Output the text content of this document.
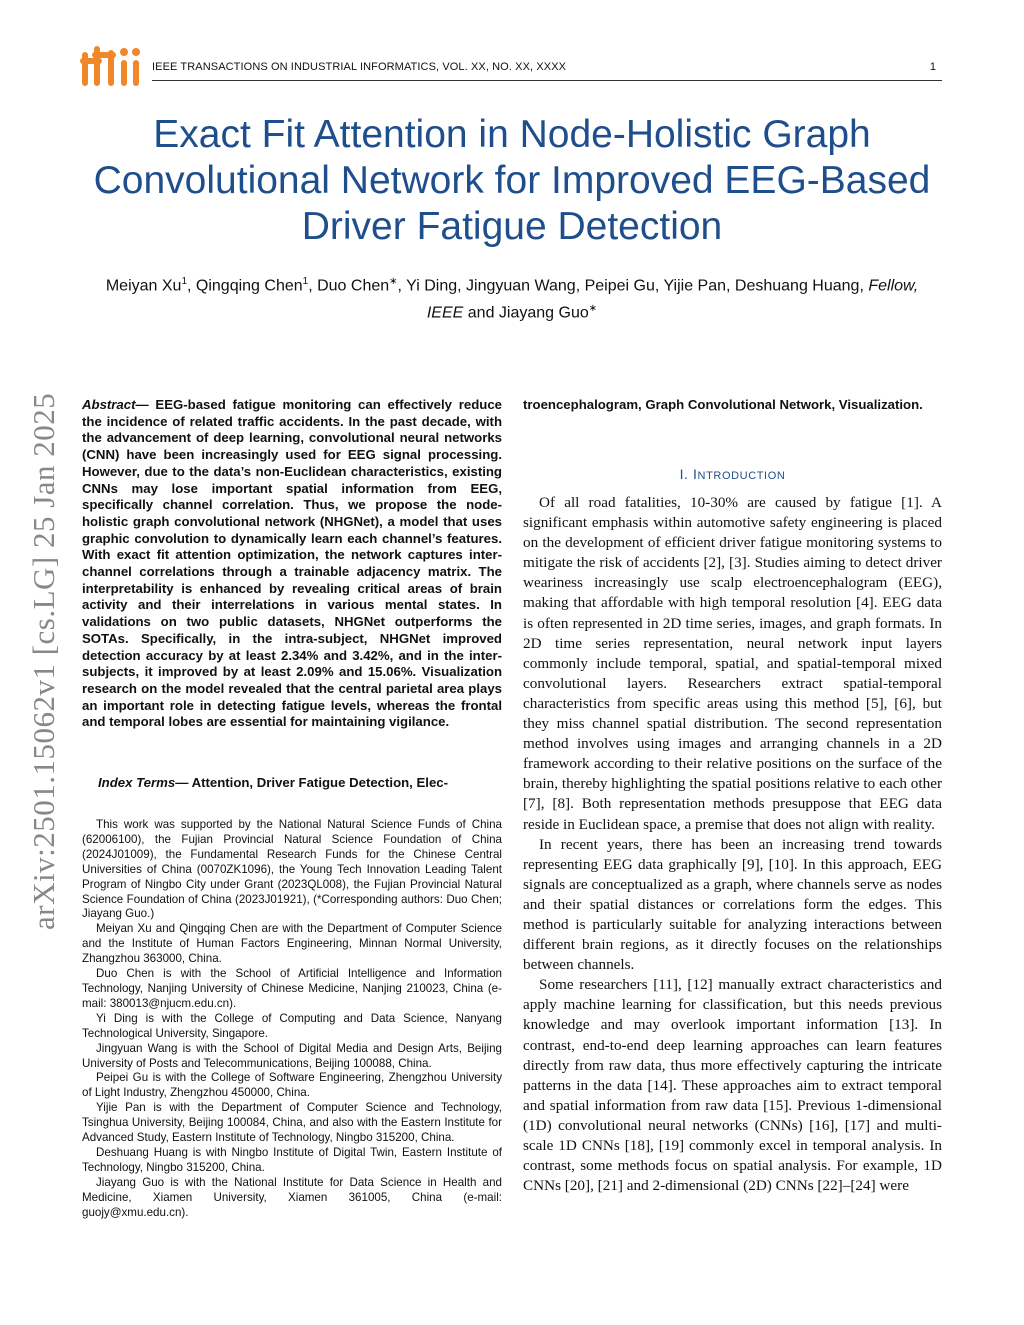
IEEE TRANSACTIONS ON INDUSTRIAL INFORMATICS, VOL. XX, NO. XX, XXXX	1
Exact Fit Attention in Node-Holistic Graph Convolutional Network for Improved EEG-Based Driver Fatigue Detection
Meiyan Xu$^1$, Qingqing Chen$^1$, Duo Chen∗, Yi Ding, Jingyuan Wang, Peipei Gu, Yijie Pan, Deshuang Huang, Fellow, IEEE and Jiayang Guo∗
arXiv:2501.15062v1 [cs.LG] 25 Jan 2025	Abstract— EEG-based fatigue monitoring can effectively reduce the incidence of related traffic accidents. In the past decade, with the advancement of deep learning, convolutional neural networks (CNN) have been increasingly used for EEG signal processing. However, due to the data’s non-Euclidean characteristics, existing CNNs may lose important spatial information from EEG, specifically channel correlation. Thus, we propose the node-holistic graph convolutional network (NHGNet), a model that uses graphic convolution to dynamically learn each channel’s features. With exact fit attention optimization, the network captures inter-channel correlations through a trainable adjacency matrix. The interpretability is enhanced by revealing critical areas of brain activity and their interrelations in various mental states. In validations on two public datasets, NHGNet outperforms the SOTAs. Specifically, in the intra-subject, NHGNet improved detection accuracy by at least 2.34% and 3.42%, and in the inter-subjects, it improved by at least 2.09% and 15.06%. Visualization research on the model revealed that the central parietal area plays an important role in detecting fatigue levels, whereas the frontal and temporal lobes are essential for maintaining vigilance.

Index Terms— Attention, Driver Fatigue Detection, Elec-

This work was supported by the National Natural Science Funds of China (62006100), the Fujian Provincial Natural Science Foundation of China (2024J01009), the Fundamental Research Funds for the Chinese Central Universities of China (0070ZK1096), the Young Tech Innovation Leading Talent Program of Ningbo City under Grant (2023QL008), the Fujian Provincial Natural Science Foundation of China (2023J01921), (*Corresponding authors: Duo Chen; Jiayang Guo.)

Meiyan Xu and Qingqing Chen are with the Department of Computer Science and the Institute of Human Factors Engineering, Minnan Normal University, Zhangzhou 363000, China.

Duo Chen is with the School of Artificial Intelligence and Information Technology, Nanjing University of Chinese Medicine, Nanjing 210023, China (e-mail: 380013@njucm.edu.cn).

Yi Ding is with the College of Computing and Data Science, Nanyang Technological University, Singapore.

Jingyuan Wang is with the School of Digital Media and Design Arts, Beijing University of Posts and Telecommunications, Beijing 100088, China.

Peipei Gu is with the College of Software Engineering, Zhengzhou University of Light Industry, Zhengzhou 450000, China.

Yijie Pan is with the Department of Computer Science and Technology, Tsinghua University, Beijing 100084, China, and also with the Eastern Institute for Advanced Study, Eastern Institute of Technology, Ningbo 315200, China.

Deshuang Huang is with Ningbo Institute of Digital Twin, Eastern Institute of Technology, Ningbo 315200, China.

Jiayang Guo is with the National Institute for Data Science in Health and Medicine, Xiamen University, Xiamen 361005, China (e-mail: guojy@xmu.edu.cn).

troencephalogram, Graph Convolutional Network, Visualization.

I. INTRODUCTION

Of all road fatalities, 10-30% are caused by fatigue [1]. A significant emphasis within automotive safety engineering is placed on the development of efficient driver fatigue monitoring systems to mitigate the risk of accidents [2], [3]. Studies aiming to detect driver weariness increasingly use scalp electroencephalogram (EEG), making that affordable with high temporal resolution [4]. EEG data is often represented in 2D time series, images, and graph formats. In 2D time series representation, neural network input layers commonly include temporal, spatial, and spatial-temporal mixed convolutional layers. Researchers extract spatial-temporal characteristics from specific areas using this method [5], [6], but they miss channel spatial distribution. The second representation method involves using images and arranging channels in a 2D framework according to their relative positions on the surface of the brain, thereby highlighting the spatial positions relative to each other [7], [8]. Both representation methods presuppose that EEG data reside in Euclidean space, a premise that does not align with reality.

In recent years, there has been an increasing trend towards representing EEG data graphically [9], [10]. In this approach, EEG signals are conceptualized as a graph, where channels serve as nodes and their spatial distances or correlations form the edges. This method is particularly suitable for analyzing interactions between different brain regions, as it directly focuses on the relationships between channels.

Some researchers [11], [12] manually extract characteristics and apply machine learning for classification, but this needs previous knowledge and may overlook important information [13]. In contrast, end-to-end deep learning approaches can learn features directly from raw data, thus more effectively capturing the intricate patterns in the data [14]. These approaches aim to extract temporal and spatial information from raw data [15]. Previous 1-dimensional (1D) convolutional neural networks (CNNs) [16], [17] and multi-scale 1D CNNs [18], [19] commonly excel in temporal analysis. In contrast, some methods focus on spatial analysis. For example, 1D CNNs [20], [21] and 2-dimensional (2D) CNNs [22]–[24] were
